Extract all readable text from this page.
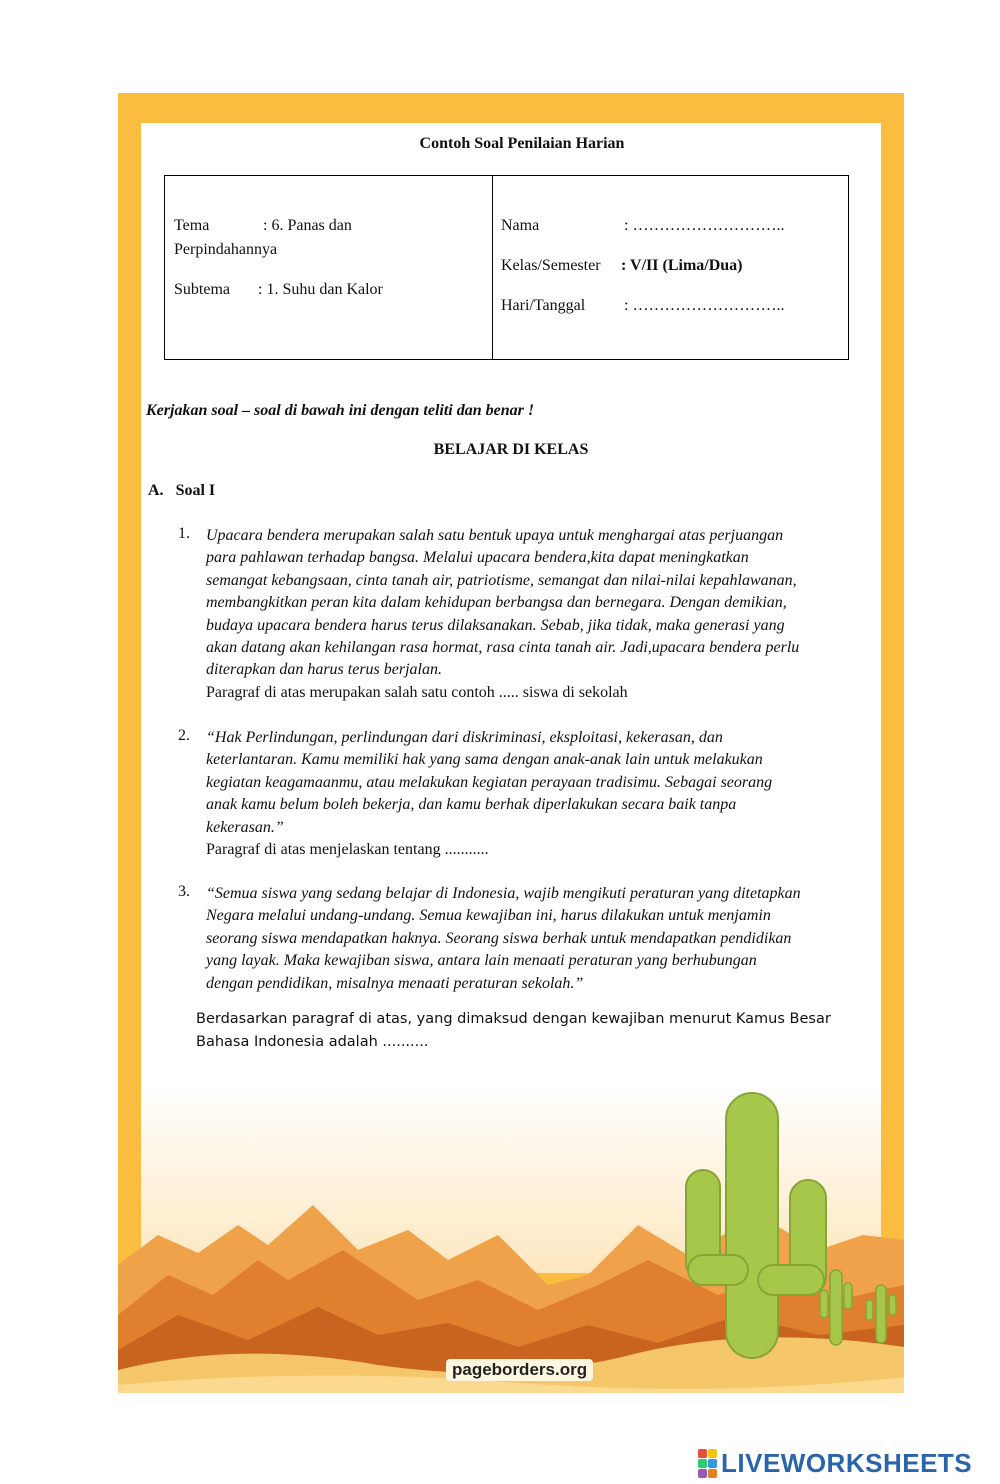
Contoh Soal Penilaian Harian
Tema	: 6. Panas dan
Perpindahannya
Subtema : 1. Suhu dan Kalor
Nama	: ………………………..
Kelas/Semester : V/II (Lima/Dua)
Hari/Tanggal : ………………………..
Kerjakan soal – soal di bawah ini dengan teliti dan benar !
BELAJAR DI KELAS
A. Soal I
1. Upacara bendera merupakan salah satu bentuk upaya untuk menghargai atas perjuangan
para pahlawan terhadap bangsa. Melalui upacara bendera,kita dapat meningkatkan
semangat kebangsaan, cinta tanah air, patriotisme, semangat dan nilai-nilai kepahlawanan,
membangkitkan peran kita dalam kehidupan berbangsa dan bernegara. Dengan demikian,
budaya upacara bendera harus terus dilaksanakan. Sebab, jika tidak, maka generasi yang
akan datang akan kehilangan rasa hormat, rasa cinta tanah air. Jadi,upacara bendera perlu
diterapkan dan harus terus berjalan.
Paragraf di atas merupakan salah satu contoh ..... siswa di sekolah
2. “Hak Perlindungan, perlindungan dari diskriminasi, eksploitasi, kekerasan, dan
keterlantaran. Kamu memiliki hak yang sama dengan anak-anak lain untuk melakukan
kegiatan keagamaanmu, atau melakukan kegiatan perayaan tradisimu. Sebagai seorang
anak kamu belum boleh bekerja, dan kamu berhak diperlakukan secara baik tanpa
kekerasan.”
Paragraf di atas menjelaskan tentang ...........
3. “Semua siswa yang sedang belajar di Indonesia, wajib mengikuti peraturan yang ditetapkan
Negara melalui undang-undang. Semua kewajiban ini, harus dilakukan untuk menjamin
seorang siswa mendapatkan haknya. Seorang siswa berhak untuk mendapatkan pendidikan
yang layak. Maka kewajiban siswa, antara lain menaati peraturan yang berhubungan
dengan pendidikan, misalnya menaati peraturan sekolah.”
Berdasarkan paragraf di atas, yang dimaksud dengan kewajiban menurut Kamus Besar
Bahasa Indonesia adalah ..........
pageborders.org
LIVEWORKSHEETS
